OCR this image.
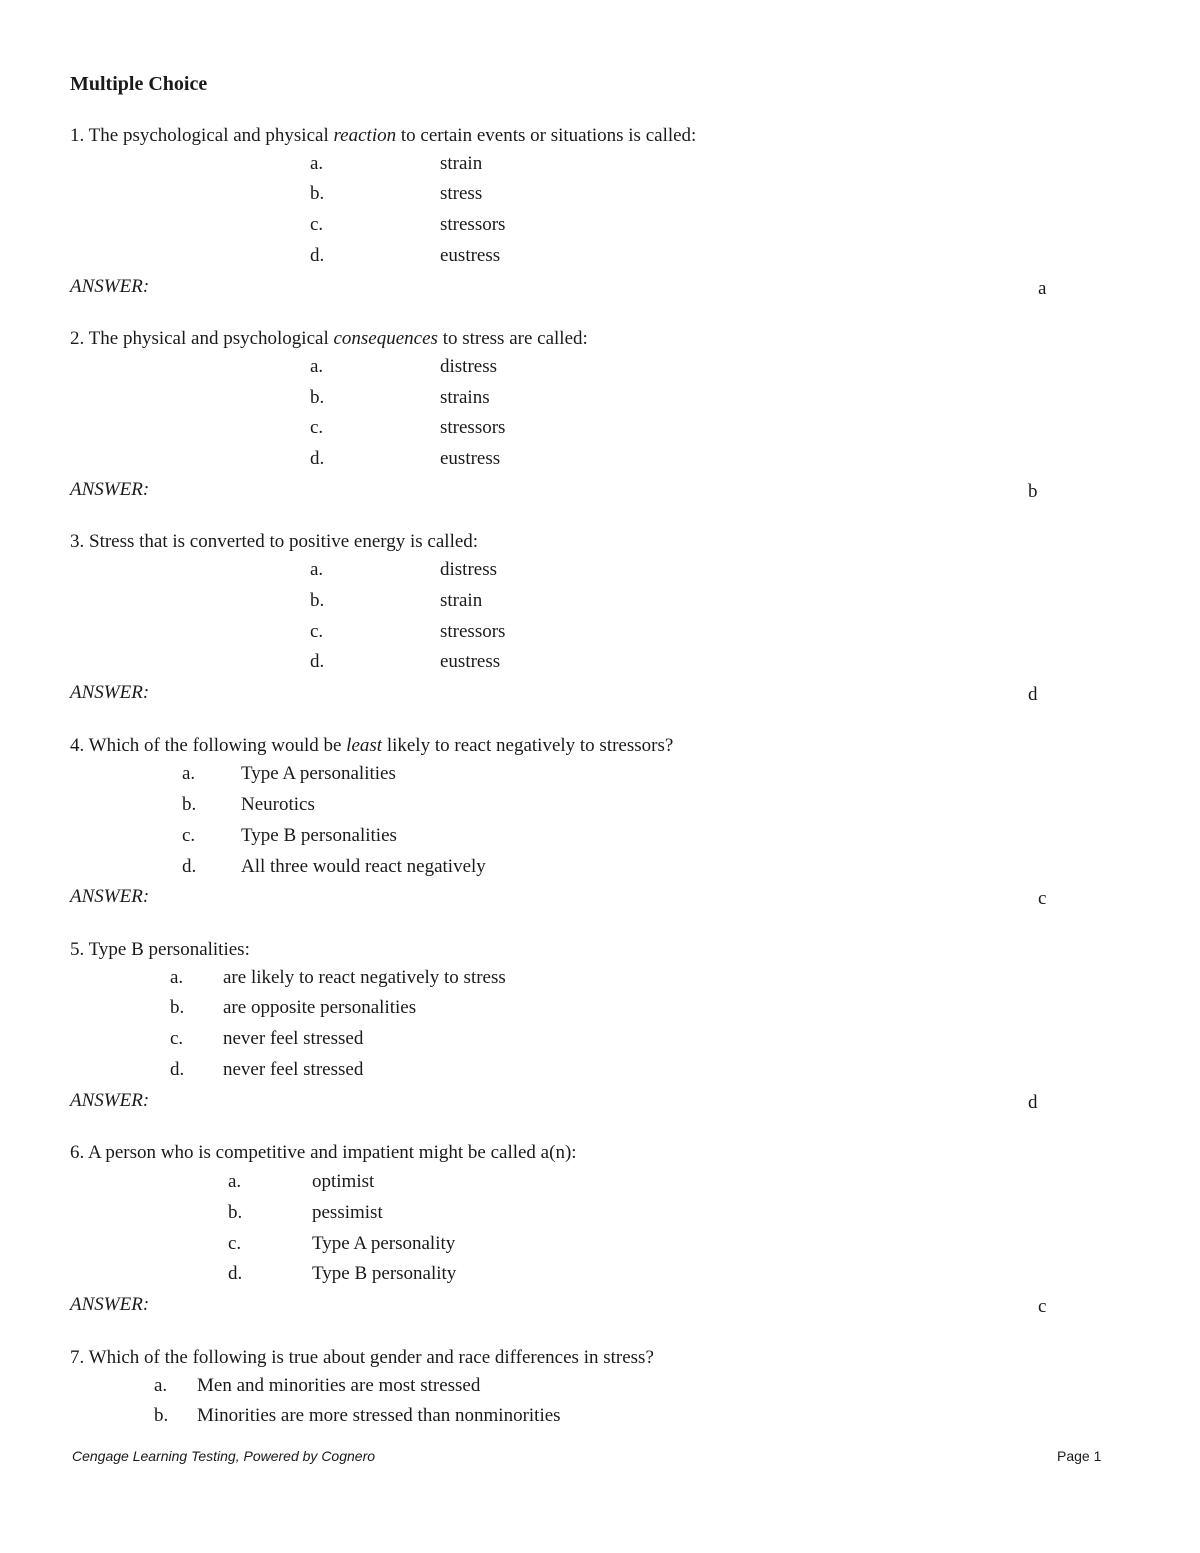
Multiple Choice
1. The psychological and physical reaction to certain events or situations is called:
a.	strain
b.	stress
c.	stressors
d.	eustress
ANSWER:	a
2. The physical and psychological consequences to stress are called:
a.	distress
b.	strains
c.	stressors
d.	eustress
ANSWER:	b
3. Stress that is converted to positive energy is called:
a.	distress
b.	strain
c.	stressors
d.	eustress
ANSWER:	d
4. Which of the following would be least likely to react negatively to stressors?
a. Type A personalities
b. Neurotics
c. Type B personalities
d. All three would react negatively
ANSWER:	c
5. Type B personalities:
a. are likely to react negatively to stress
b. are opposite personalities
c. never feel stressed
d. never feel stressed
ANSWER:	d
6. A person who is competitive and impatient might be called a(n):
a.	optimist
b.	pessimist
c.	Type A personality
d.	Type B personality
ANSWER:	c
7. Which of the following is true about gender and race differences in stress?
a. Men and minorities are most stressed
b. Minorities are more stressed than nonminorities
Cengage Learning Testing, Powered by Cognero	Page 1
